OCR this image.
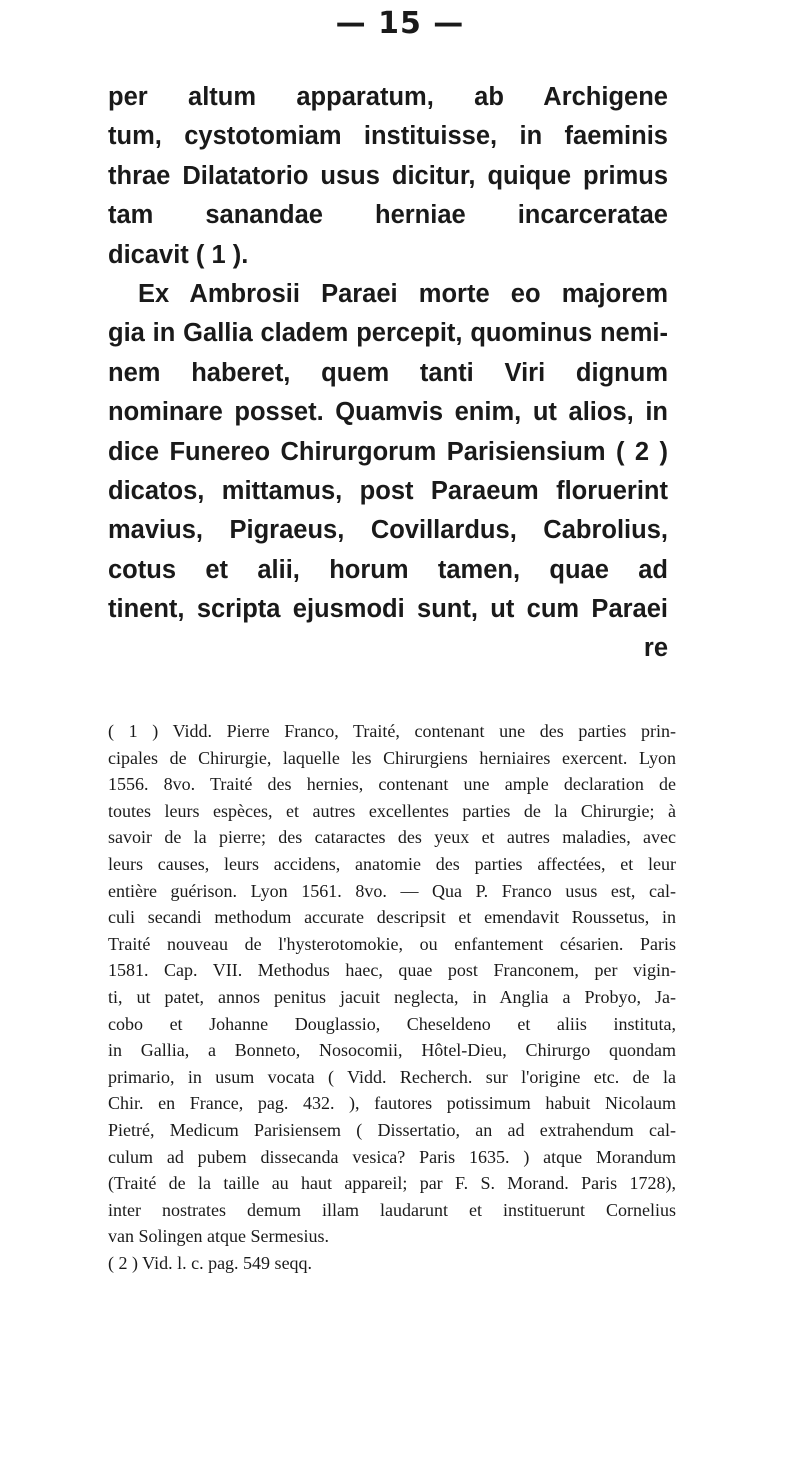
— 15 —
per altum apparatum, ab Archigene
tum, cystotomiam instituisse, in faeminis
thrae Dilatatorio usus dicitur, quique primus
tam sanandae herniae incarceratae
dicavit ( 1 ).
Ex Ambrosii Paraei morte eo majorem
gia in Gallia cladem percepit, quominus nemi-
nem haberet, quem tanti Viri dignum
nominare posset. Quamvis enim, ut alios, in
dice Funereo Chirurgorum Parisiensium ( 2 )
dicatos, mittamus, post Paraeum floruerint
mavius, Pigraeus, Covillardus, Cabrolius,
cotus et alii, horum tamen, quae ad
tinent, scripta ejusmodi sunt, ut cum Paraei
re
( 1 ) Vidd. Pierre Franco, Traité, contenant une des parties prin-
cipales de Chirurgie, laquelle les Chirurgiens herniaires exercent. Lyon
1556. 8vo. Traité des hernies, contenant une ample declaration de
toutes leurs espèces, et autres excellentes parties de la Chirurgie; à
savoir de la pierre; des cataractes des yeux et autres maladies, avec
leurs causes, leurs accidens, anatomie des parties affectées, et leur
entière guérison. Lyon 1561. 8vo. — Qua P. Franco usus est, cal-
culi secandi methodum accurate descripsit et emendavit Roussetus, in
Traité nouveau de l'hysterotomokie, ou enfantement césarien. Paris
1581. Cap. VII. Methodus haec, quae post Franconem, per vigin-
ti, ut patet, annos penitus jacuit neglecta, in Anglia a Probyo, Ja-
cobo et Johanne Douglassio, Cheseldeno et aliis instituta,
in Gallia, a Bonneto, Nosocomii, Hôtel-Dieu, Chirurgo quondam
primario, in usum vocata ( Vidd. Recherch. sur l'origine etc. de la
Chir. en France, pag. 432. ), fautores potissimum habuit Nicolaum
Pietré, Medicum Parisiensem ( Dissertatio, an ad extrahendum cal-
culum ad pubem dissecanda vesica? Paris 1635. ) atque Morandum
(Traité de la taille au haut appareil; par F. S. Morand. Paris 1728),
inter nostrates demum illam laudarunt et instituerunt Cornelius
van Solingen atque Sermesius.
( 2 ) Vid. l. c. pag. 549 seqq.
